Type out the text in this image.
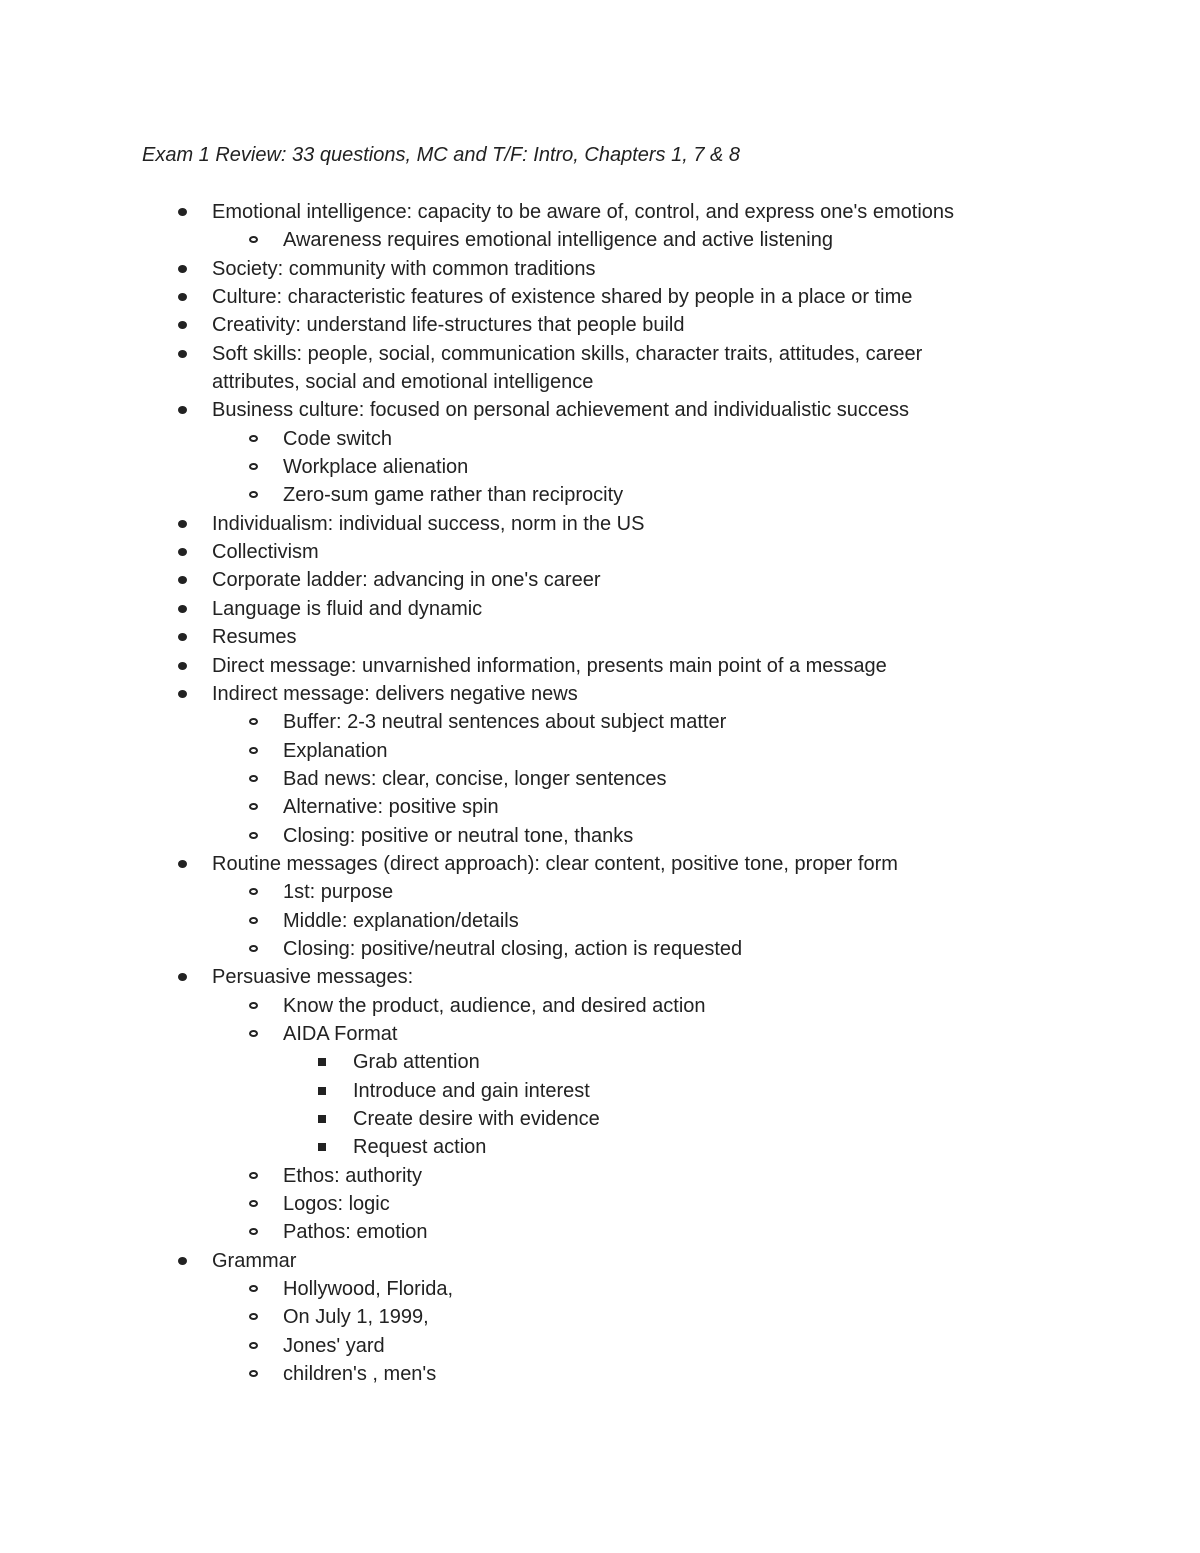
Exam 1 Review: 33 questions, MC and T/F: Intro, Chapters 1, 7 & 8
Emotional intelligence: capacity to be aware of, control, and express one's emotions
Awareness requires emotional intelligence and active listening
Society: community with common traditions
Culture: characteristic features of existence shared by people in a place or time
Creativity: understand life-structures that people build
Soft skills: people, social, communication skills, character traits, attitudes, career
attributes, social and emotional intelligence
Business culture: focused on personal achievement and individualistic success
Code switch
Workplace alienation
Zero-sum game rather than reciprocity
Individualism: individual success, norm in the US
Collectivism
Corporate ladder: advancing in one's career
Language is fluid and dynamic
Resumes
Direct message: unvarnished information, presents main point of a message
Indirect message: delivers negative news
Buffer: 2-3 neutral sentences about subject matter
Explanation
Bad news: clear, concise, longer sentences
Alternative: positive spin
Closing: positive or neutral tone, thanks
Routine messages (direct approach): clear content, positive tone, proper form
1st: purpose
Middle: explanation/details
Closing: positive/neutral closing, action is requested
Persuasive messages:
Know the product, audience, and desired action
AIDA Format
Grab attention
Introduce and gain interest
Create desire with evidence
Request action
Ethos: authority
Logos: logic
Pathos: emotion
Grammar
Hollywood, Florida,
On July 1, 1999,
Jones' yard
children's , men's
